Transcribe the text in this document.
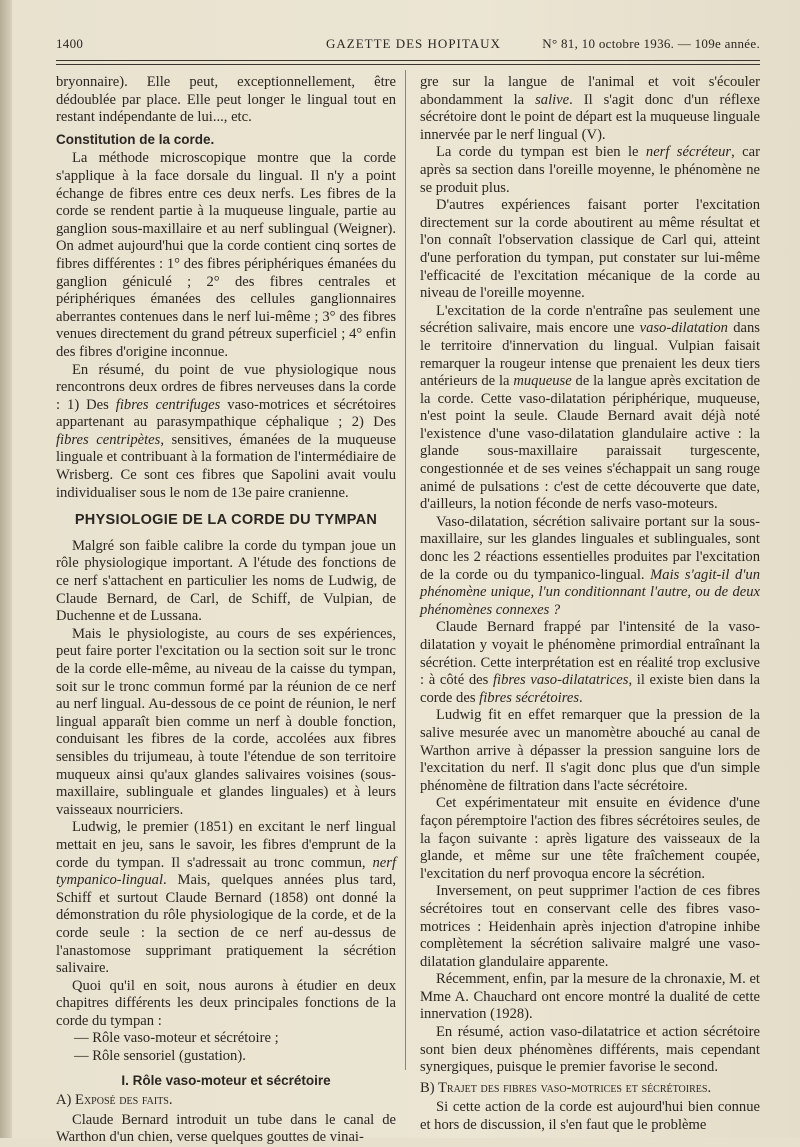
1400	GAZETTE DES HOPITAUX	N° 81, 10 octobre 1936. — 109e année.

bryonnaire). Elle peut, exceptionnellement, être dédoublée par place. Elle peut longer le lingual tout en restant indépendante de lui..., etc.

Constitution de la corde.

La méthode microscopique montre que la corde s'applique à la face dorsale du lingual. Il n'y a point échange de fibres entre ces deux nerfs. Les fibres de la corde se rendent partie à la muqueuse linguale, partie au ganglion sous-maxillaire et au nerf sublingual (Weigner). On admet aujourd'hui que la corde contient cinq sortes de fibres différentes : 1° des fibres périphériques émanées du ganglion géniculé ; 2° des fibres centrales et périphériques émanées des cellules ganglionnaires aberrantes contenues dans le nerf lui-même ; 3° des fibres venues directement du grand pétreux superficiel ; 4° enfin des fibres d'origine inconnue.

En résumé, du point de vue physiologique nous rencontrons deux ordres de fibres nerveuses dans la corde : 1) Des fibres centrifuges vaso-motrices et sécrétoires appartenant au parasympathique céphalique ; 2) Des fibres centripètes, sensitives, émanées de la muqueuse linguale et contribuant à la formation de l'intermédiaire de Wrisberg. Ce sont ces fibres que Sapolini avait voulu individualiser sous le nom de 13e paire cranienne.

PHYSIOLOGIE DE LA CORDE DU TYMPAN

Malgré son faible calibre la corde du tympan joue un rôle physiologique important. A l'étude des fonctions de ce nerf s'attachent en particulier les noms de Ludwig, de Claude Bernard, de Carl, de Schiff, de Vulpian, de Duchenne et de Lussana.

Mais le physiologiste, au cours de ses expériences, peut faire porter l'excitation ou la section soit sur le tronc de la corde elle-même, au niveau de la caisse du tympan, soit sur le tronc commun formé par la réunion de ce nerf au nerf lingual. Au-dessous de ce point de réunion, le nerf lingual apparaît bien comme un nerf à double fonction, conduisant les fibres de la corde, accolées aux fibres sensibles du trijumeau, à toute l'étendue de son territoire muqueux ainsi qu'aux glandes salivaires voisines (sous-maxillaire, sublinguale et glandes linguales) et à leurs vaisseaux nourriciers.

Ludwig, le premier (1851) en excitant le nerf lingual mettait en jeu, sans le savoir, les fibres d'emprunt de la corde du tympan. Il s'adressait au tronc commun, nerf tympanico-lingual. Mais, quelques années plus tard, Schiff et surtout Claude Bernard (1858) ont donné la démonstration du rôle physiologique de la corde, et de la corde seule : la section de ce nerf au-dessus de l'anastomose supprimant pratiquement la sécrétion salivaire.

Quoi qu'il en soit, nous aurons à étudier en deux chapitres différents les deux principales fonctions de la corde du tympan :

— Rôle vaso-moteur et sécrétoire ;

— Rôle sensoriel (gustation).

I. Rôle vaso-moteur et sécrétoire

A) Exposé des faits.

Claude Bernard introduit un tube dans le canal de Warthon d'un chien, verse quelques gouttes de vinai-

gre sur la langue de l'animal et voit s'écouler abondamment la salive. Il s'agit donc d'un réflexe sécrétoire dont le point de départ est la muqueuse linguale innervée par le nerf lingual (V).

La corde du tympan est bien le nerf sécréteur, car après sa section dans l'oreille moyenne, le phénomène ne se produit plus.

D'autres expériences faisant porter l'excitation directement sur la corde aboutirent au même résultat et l'on connaît l'observation classique de Carl qui, atteint d'une perforation du tympan, put constater sur lui-même l'efficacité de l'excitation mécanique de la corde au niveau de l'oreille moyenne.

L'excitation de la corde n'entraîne pas seulement une sécrétion salivaire, mais encore une vaso-dilatation dans le territoire d'innervation du lingual. Vulpian faisait remarquer la rougeur intense que prenaient les deux tiers antérieurs de la muqueuse de la langue après excitation de la corde. Cette vaso-dilatation périphérique, muqueuse, n'est point la seule. Claude Bernard avait déjà noté l'existence d'une vaso-dilatation glandulaire active : la glande sous-maxillaire paraissait turgescente, congestionnée et de ses veines s'échappait un sang rouge animé de pulsations : c'est de cette découverte que date, d'ailleurs, la notion féconde de nerfs vaso-moteurs.

Vaso-dilatation, sécrétion salivaire portant sur la sous-maxillaire, sur les glandes linguales et sublinguales, sont donc les 2 réactions essentielles produites par l'excitation de la corde ou du tympanico-lingual. Mais s'agit-il d'un phénomène unique, l'un conditionnant l'autre, ou de deux phénomènes connexes ?

Claude Bernard frappé par l'intensité de la vaso-dilatation y voyait le phénomène primordial entraînant la sécrétion. Cette interprétation est en réalité trop exclusive : à côté des fibres vaso-dilatatrices, il existe bien dans la corde des fibres sécrétoires.

Ludwig fit en effet remarquer que la pression de la salive mesurée avec un manomètre abouché au canal de Warthon arrive à dépasser la pression sanguine lors de l'excitation du nerf. Il s'agit donc plus que d'un simple phénomène de filtration dans l'acte sécrétoire.

Cet expérimentateur mit ensuite en évidence d'une façon péremptoire l'action des fibres sécrétoires seules, de la façon suivante : après ligature des vaisseaux de la glande, et même sur une tête fraîchement coupée, l'excitation du nerf provoqua encore la sécrétion.

Inversement, on peut supprimer l'action de ces fibres sécrétoires tout en conservant celle des fibres vaso-motrices : Heidenhain après injection d'atropine inhibe complètement la sécrétion salivaire malgré une vaso-dilatation glandulaire apparente.

Récemment, enfin, par la mesure de la chronaxie, M. et Mme A. Chauchard ont encore montré la dualité de cette innervation (1928).

En résumé, action vaso-dilatatrice et action sécrétoire sont bien deux phénomènes différents, mais cependant synergiques, puisque le premier favorise le second.

B) Trajet des fibres vaso-motrices et sécrétoires.

Si cette action de la corde est aujourd'hui bien connue et hors de discussion, il s'en faut que le problème
